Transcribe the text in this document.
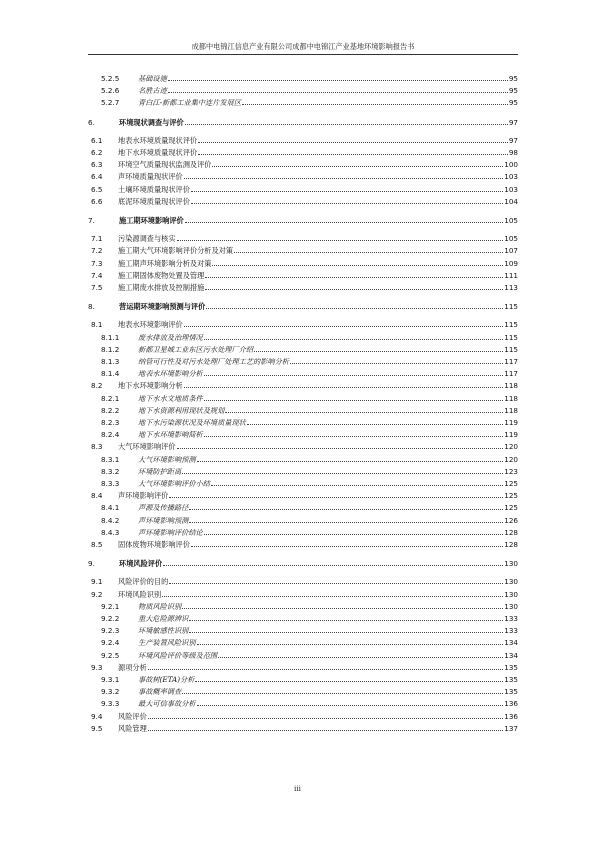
成都中电锦江信息产业有限公司成都中电锦江产业基地环境影响报告书
5.2.5	基础设施	95
5.2.6	名胜古迹	95
5.2.7	青白江-新都工业集中连片发展区	95
6.	环境现状调查与评价	97
6.1	地表水环境质量现状评价	97
6.2	地下水环境质量现状评价	98
6.3	环境空气质量现状监测及评价	100
6.4	声环境质量现状评价	103
6.5	土壤环境质量现状评价	103
6.6	底泥环境质量现状评价	104
7.	施工期环境影响评价	105
7.1	污染源调查与核实	105
7.2	施工期大气环境影响评价分析及对策	107
7.3	施工期声环境影响分析及对策	109
7.4	施工期固体废物处置及管理	111
7.5	施工期废水排放及控制措施	113
8.	营运期环境影响预测与评价	115
8.1	地表水环境影响评价	115
8.1.1	废水排放及治理情况	115
8.1.2	新都卫星城工业东区污水处理厂介绍	115
8.1.3	纳管可行性及对污水处理厂处理工艺的影响分析	117
8.1.4	地表水环境影响分析	117
8.2	地下水环境影响分析	118
8.2.1	地下水水文地质条件	118
8.2.2	地下水资源利用现状及规划	118
8.2.3	地下水污染源状况及环境质量现状	119
8.2.4	地下水环境影响简析	119
8.3	大气环境影响评价	120
8.3.1	大气环境影响预测	120
8.3.2	环境防护距离	123
8.3.3	大气环境影响评价小结	125
8.4	声环境影响评价	125
8.4.1	声源及传播路径	125
8.4.2	声环境影响预测	126
8.4.3	声环境影响评价结论	128
8.5	固体废物环境影响评价	128
9.	环境风险评价	130
9.1	风险评价的目的	130
9.2	环境风险识别	130
9.2.1	物质风险识别	130
9.2.2	重大危险源辨识	133
9.2.3	环境敏感性识别	133
9.2.4	生产装置风险识别	134
9.2.5	环境风险评价等级及范围	134
9.3	源项分析	135
9.3.1	事故树(ETA)分析	135
9.3.2	事故概率调查	135
9.3.3	最大可信事故分析	136
9.4	风险评价	136
9.5	风险管理	137
iii
